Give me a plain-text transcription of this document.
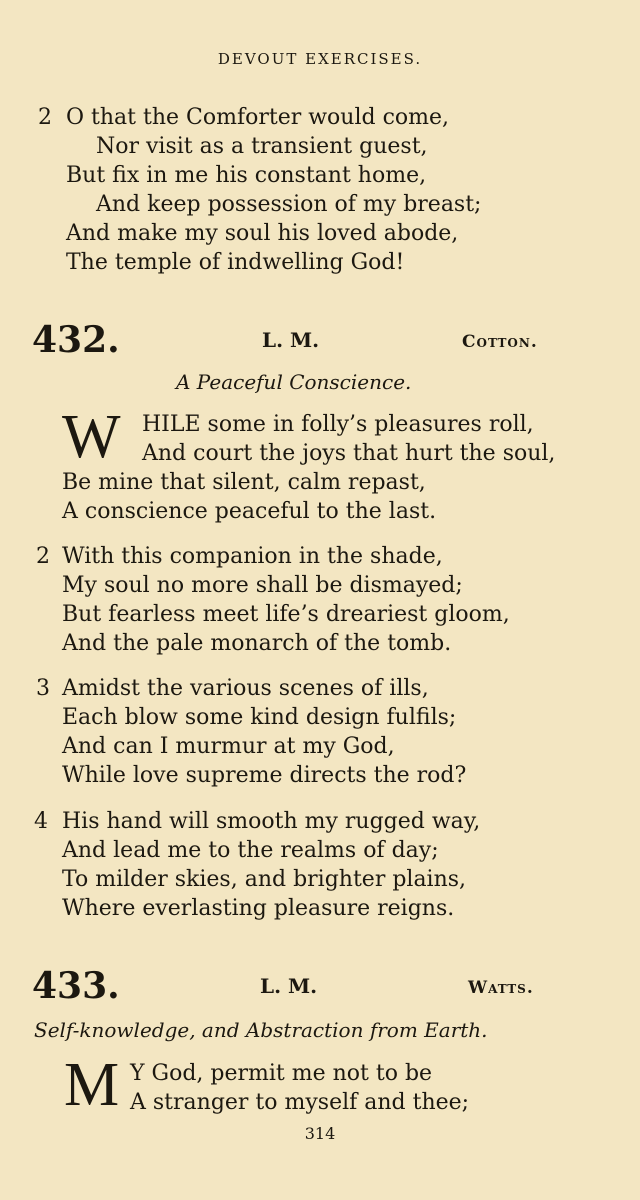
DEVOUT EXERCISES.
2 O that the Comforter would come,
Nor visit as a transient guest,
But fix in me his constant home,
And keep possession of my breast;
And make my soul his loved abode,
The temple of indwelling God!
432.	L. M.	Cotton.
A Peaceful Conscience.
W HILE some in folly’s pleasures roll,
And court the joys that hurt the soul,
Be mine that silent, calm repast,
A conscience peaceful to the last.
2 With this companion in the shade,
My soul no more shall be dismayed;
But fearless meet life’s dreariest gloom,
And the pale monarch of the tomb.
3 Amidst the various scenes of ills,
Each blow some kind design fulfils;
And can I murmur at my God,
While love supreme directs the rod?
4 His hand will smooth my rugged way,
And lead me to the realms of day;
To milder skies, and brighter plains,
Where everlasting pleasure reigns.
433.	L. M.	Watts.
Self-knowledge, and Abstraction from Earth.
M Y God, permit me not to be
A stranger to myself and thee;
314
